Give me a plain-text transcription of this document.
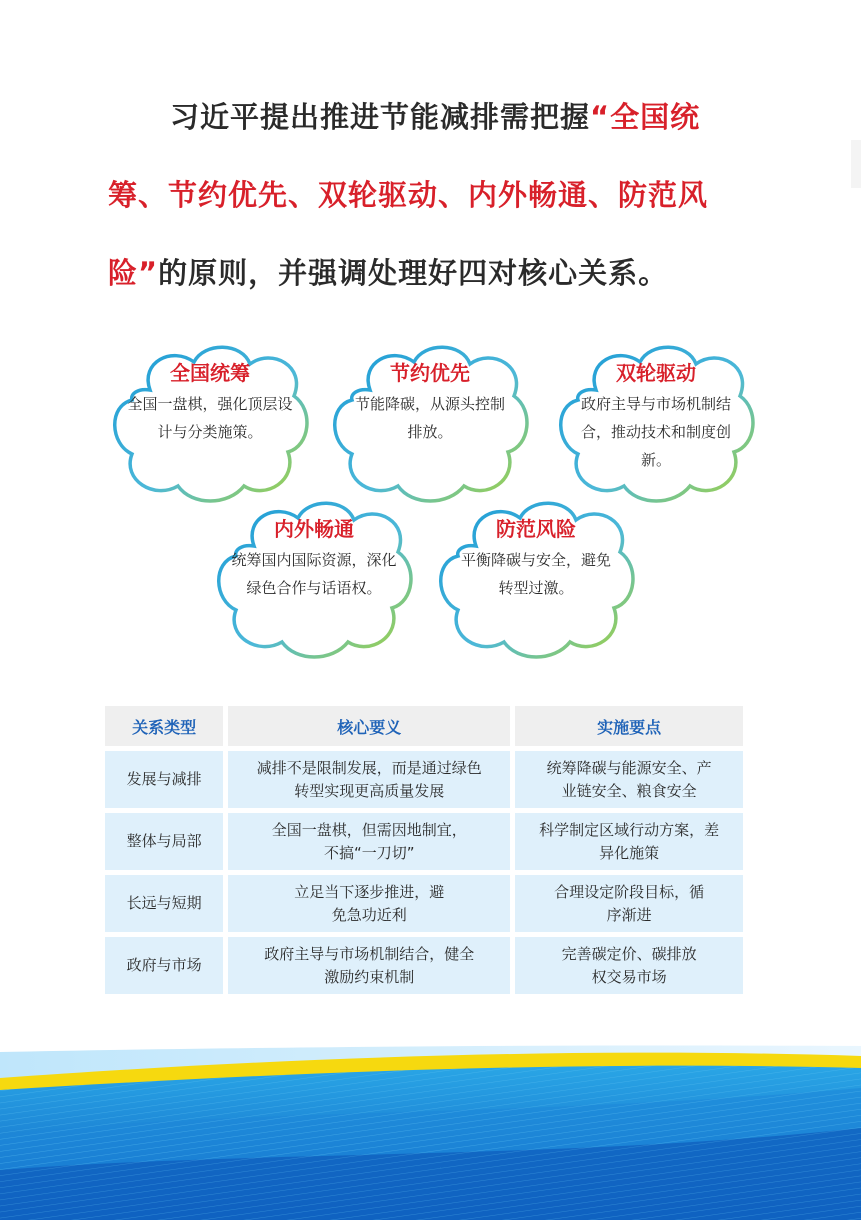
习近平提出推进节能减排需把握“全国统筹、节约优先、双轮驱动、内外畅通、防范风险”的原则，并强调处理好四对核心关系。

全国统筹
全国一盘棋，强化顶层设计与分类施策。
节约优先
节能降碳，从源头控制排放。
双轮驱动
政府主导与市场机制结合，推动技术和制度创新。
内外畅通
统筹国内国际资源，深化绿色合作与话语权。
防范风险
平衡降碳与安全，避免转型过激。
关系类型	核心要义	实施要点
发展与减排	减排不是限制发展，而是通过绿色转型实现更高质量发展	统筹降碳与能源安全、产业链安全、粮食安全
整体与局部	全国一盘棋，但需因地制宜，不搞“一刀切”	科学制定区域行动方案，差异化施策
长远与短期	立足当下逐步推进，避免急功近利	合理设定阶段目标，循序渐进
政府与市场	政府主导与市场机制结合，健全激励约束机制	完善碳定价、碳排放权交易市场
